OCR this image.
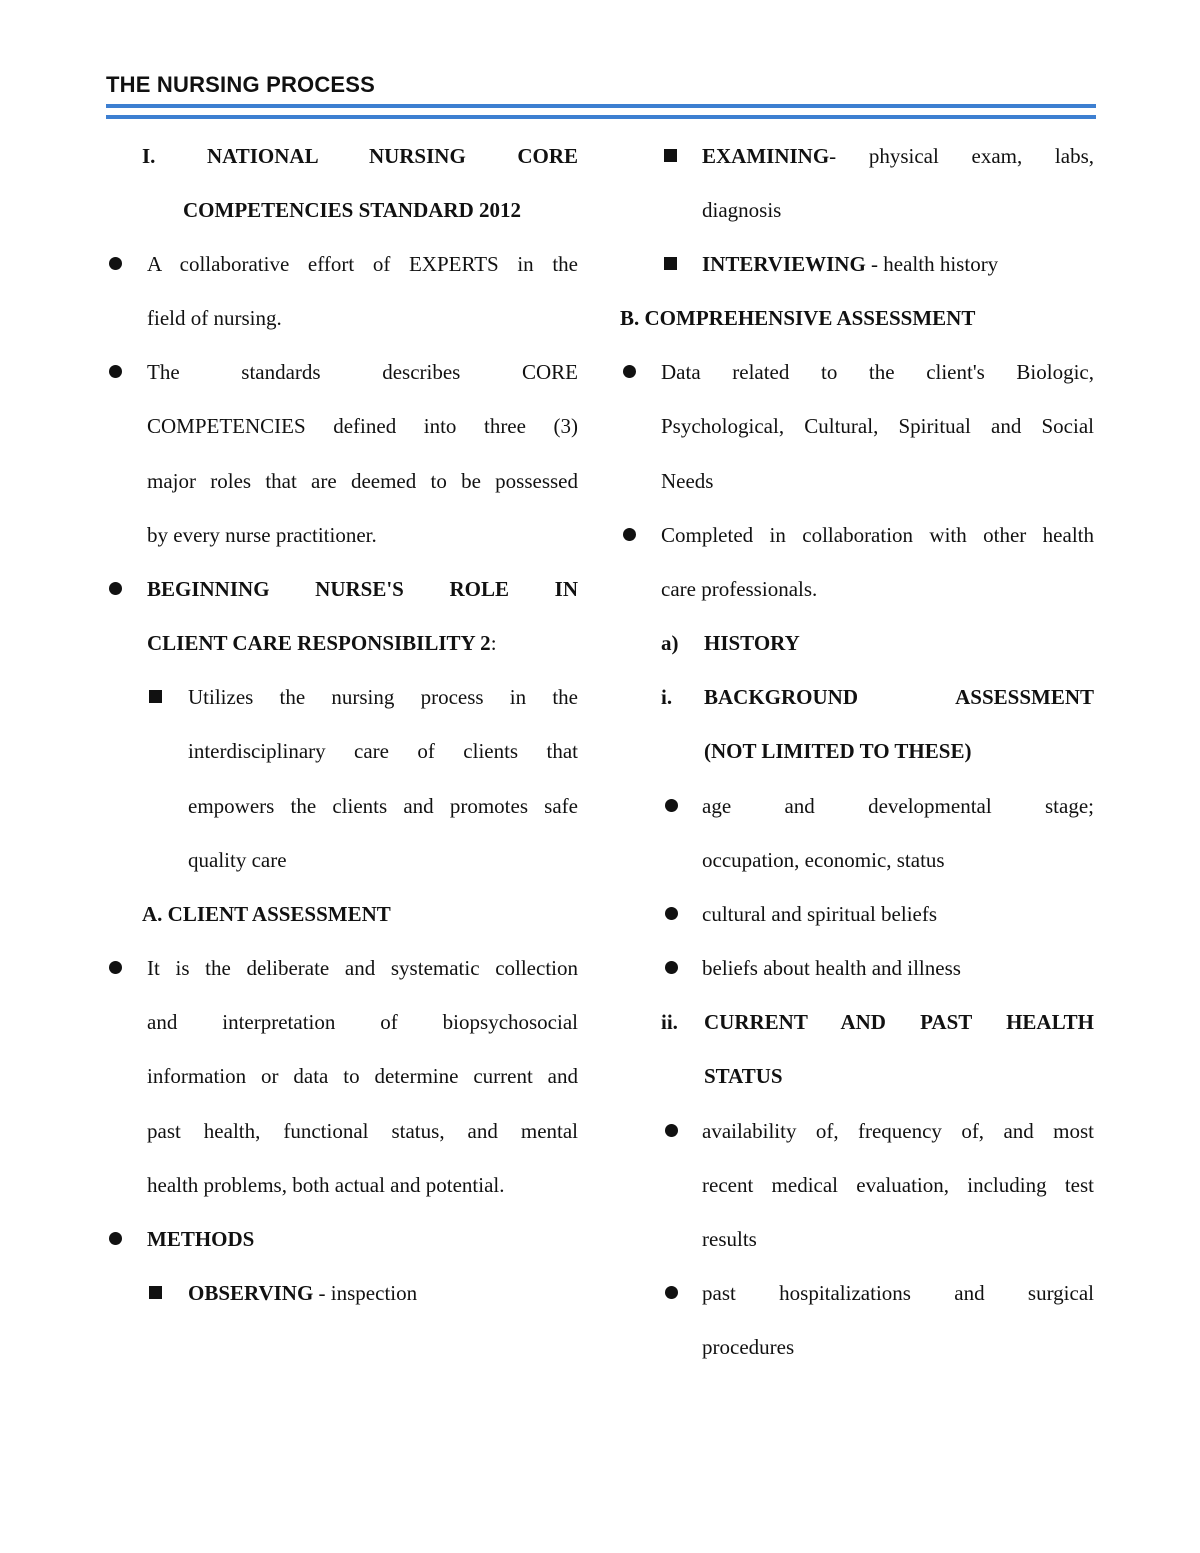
THE NURSING PROCESS
I. NATIONAL NURSING CORE
COMPETENCIES STANDARD 2012
A collaborative effort of EXPERTS in the
field of nursing.
The standards describes CORE
COMPETENCIES defined into three (3)
major roles that are deemed to be possessed
by every nurse practitioner.
BEGINNING NURSE'S ROLE IN
CLIENT CARE RESPONSIBILITY 2:
Utilizes the nursing process in the
interdisciplinary care of clients that
empowers the clients and promotes safe
quality care
A. CLIENT ASSESSMENT
It is the deliberate and systematic collection
and interpretation of biopsychosocial
information or data to determine current and
past health, functional status, and mental
health problems, both actual and potential.
METHODS
OBSERVING - inspection
EXAMINING- physical exam, labs,
diagnosis
INTERVIEWING - health history
B. COMPREHENSIVE ASSESSMENT
Data related to the client's Biologic,
Psychological, Cultural, Spiritual and Social
Needs
Completed in collaboration with other health
care professionals.
a) HISTORY
i. BACKGROUND ASSESSMENT
(NOT LIMITED TO THESE)
age and developmental stage;
occupation, economic, status
cultural and spiritual beliefs
beliefs about health and illness
ii. CURRENT AND PAST HEALTH
STATUS
availability of, frequency of, and most
recent medical evaluation, including test
results
past hospitalizations and surgical
procedures
